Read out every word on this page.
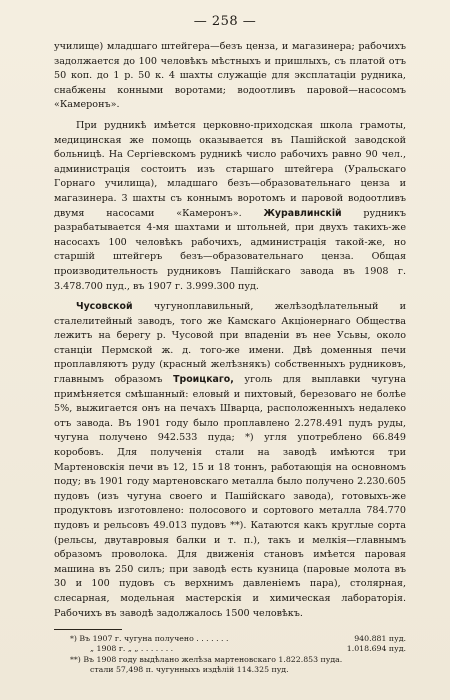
— 258 —

училище) младшаго штейгера—безъ ценза, и магазинера; рабочихъ задолжается до 100 человѣкъ мѣстныхъ и пришлыхъ, съ платой отъ 50 коп. до 1 р. 50 к. 4 шахты служащіе для эксплатаціи рудника, снабжены конными воротами; водоотливъ паровой—насосомъ «Камеронъ».

При рудникѣ имѣется церковно-приходская школа грамоты, медицинская же помощь оказывается въ Пашійской заводской больницѣ. На Сергіевскомъ рудникѣ число рабочихъ равно 90 чел., администрація состоитъ изъ старшаго штейгера (Уральскаго Горнаго училища), младшаго безъ—образовательнаго ценза и магазинера. 3 шахты съ коннымъ воротомъ и паровой водоотливъ двумя насосами «Камеронъ». Журавлинскій рудникъ разрабатывается 4-мя шахтами и штольней, при двухъ такихъ-же насосахъ 100 человѣкъ рабочихъ, администрація такой-же, но старшій штейгеръ безъ—образовательнаго ценза. Общая производительность рудниковъ Пашійскаго завода въ 1908 г. 3.478.700 пуд., въ 1907 г. 3.999.300 пуд.

Чусовской чугуноплавильный, желѣзодѣлательный и сталелитейный заводъ, того же Камскаго Акціонернаго Общества лежитъ на берегу р. Чусовой при впаденіи въ нее Усьвы, около станціи Пермской ж. д. того-же имени. Двѣ доменныя печи проплавляютъ руду (красный желѣзнякъ) собственныхъ рудниковъ, главнымъ образомъ Троицкаго, уголь для выплавки чугуна примѣняется смѣшанный: еловый и пихтовый, березоваго не болѣе 5%, выжигается онъ на печахъ Шварца, расположенныхъ недалеко отъ завода. Въ 1901 году было проплавлено 2.278.491 пудъ руды, чугуна получено 942.533 пуда; *) угля употреблено 66.849 коробовъ. Для полученія стали на заводѣ имѣются три Мартеновскія печи въ 12, 15 и 18 тоннъ, работающія на основномъ поду; въ 1901 году мартеновскаго металла было получено 2.230.605 пудовъ (изъ чугуна своего и Пашійскаго завода), готовыхъ-же продуктовъ изготовлено: полосового и сортового металла 784.770 пудовъ и рельсовъ 49.013 пудовъ **). Катаются какъ круглые сорта (рельсы, двутавровыя балки и т. п.), такъ и мелкія—главнымъ образомъ проволока. Для движенія становъ имѣется паровая машина въ 250 силъ; при заводѣ есть кузница (паровые молота въ 30 и 100 пудовъ съ верхнимъ давленіемъ пара), столярная, слесарная, модельная мастерскія и химическая лабораторія. Рабочихъ въ заводѣ задолжалось 1500 человѣкъ.

*) Въ 1907 г. чугуна получено . . . . . . .	940.881 пуд.
„ 1908 г. „ „ . . . . . . .	1.018.694 пуд.

**) Въ 1908 году выдѣлано желѣза мартеновскаго 1.822.853 пуда.

стали 57,498 п. чугунныхъ издѣлій 114.325 пуд.
